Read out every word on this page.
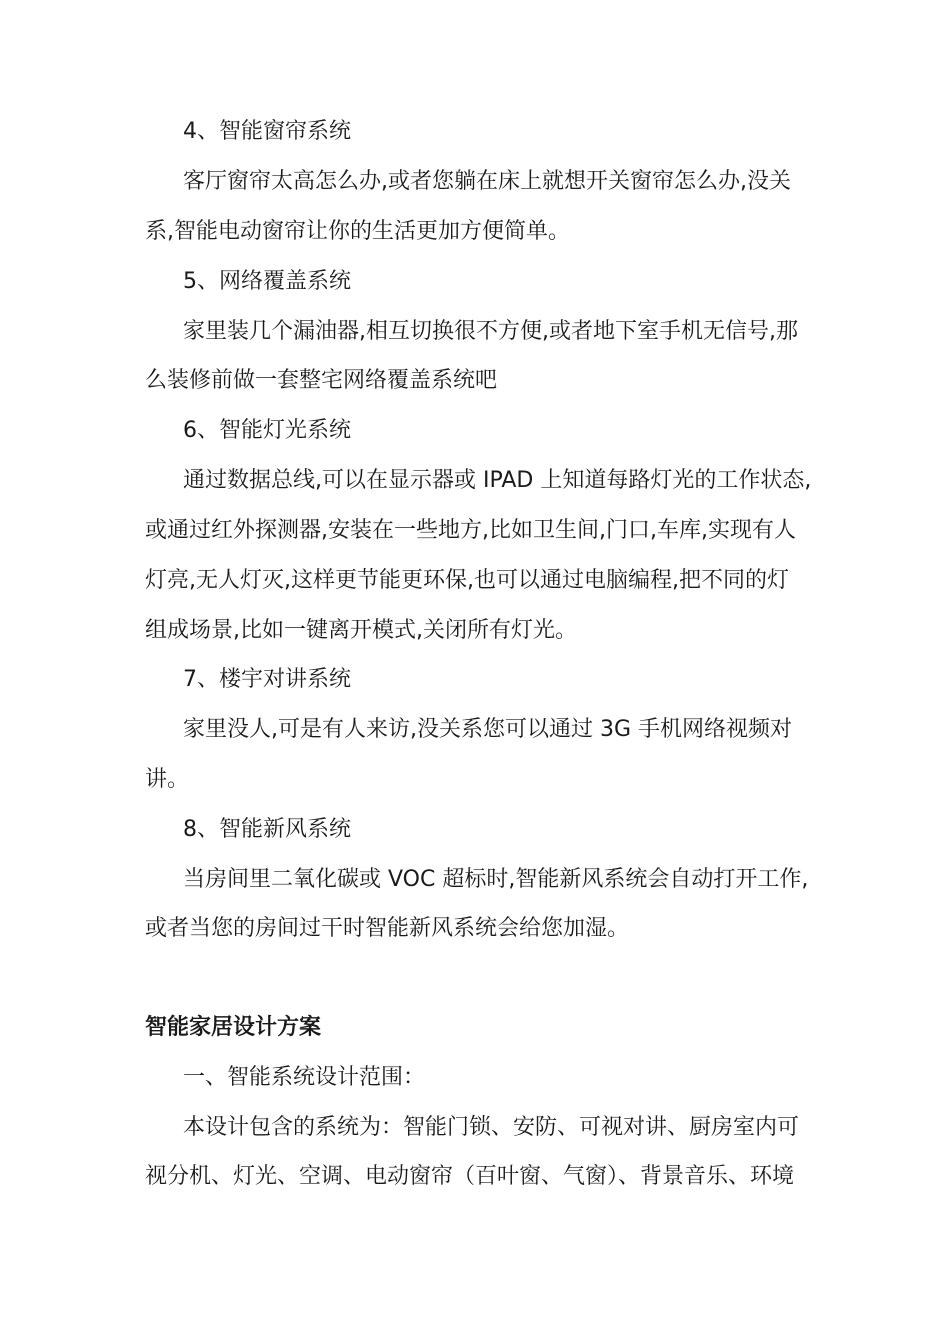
4、智能窗帘系统
客厅窗帘太高怎么办,或者您躺在床上就想开关窗帘怎么办,没关
系,智能电动窗帘让你的生活更加方便简单。
5、网络覆盖系统
家里装几个漏油器,相互切换很不方便,或者地下室手机无信号,那
么装修前做一套整宅网络覆盖系统吧
6、智能灯光系统
通过数据总线,可以在显示器或 IPAD 上知道每路灯光的工作状态,
或通过红外探测器,安装在一些地方,比如卫生间,门口,车库,实现有人
灯亮,无人灯灭,这样更节能更环保,也可以通过电脑编程,把不同的灯
组成场景,比如一键离开模式,关闭所有灯光。
7、楼宇对讲系统
家里没人,可是有人来访,没关系您可以通过 3G 手机网络视频对
讲。
8、智能新风系统
当房间里二氧化碳或 VOC 超标时,智能新风系统会自动打开工作,
或者当您的房间过干时智能新风系统会给您加湿。
智能家居设计方案
一、智能系统设计范围：
本设计包含的系统为：智能门锁、安防、可视对讲、厨房室内可
视分机、灯光、空调、电动窗帘（百叶窗、气窗）、背景音乐、环境
